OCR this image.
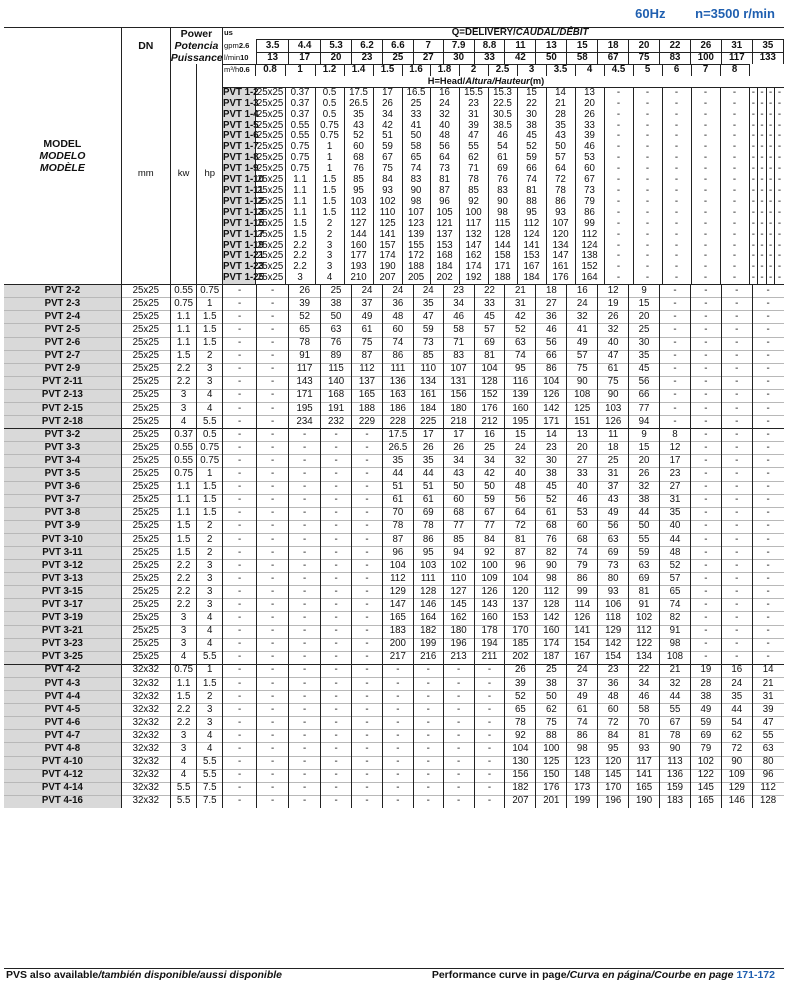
60Hz n=3500 r/min
MODEL
MODELO
MODÈLE
	DN	
Power
Potencia
Puissance
	us	Q=DELIVERY/CAUDAL/DÉBIT
gpm2.6	3.5	4.4	5.3	6.2	6.6	7	7.9	8.8	11	13	15	18	20	22	26	31	35
l/min10	13	17	20	23	25	27	30	33	42	50	58	67	75	83	100	117	133
mm	kw	hp	
m³/h0.6	0.8	1	1.2	1.4	1.5	1.6	1.8	2	2.5	3	3.5	4	4.5	5	6	7	8
H=Head/Altura/Hauteur(m)
PVT 1-2	25x25	0.37	0.5	17.5	17	16.5	16	15.5	15.3	15	14	13	-	-	-	-	-	-	-	-	-
PVT 1-3	25x25	0.37	0.5	26.5	26	25	24	23	22.5	22	21	20	-	-	-	-	-	-	-	-	-
PVT 1-4	25x25	0.37	0.5	35	34	33	32	31	30.5	30	28	26	-	-	-	-	-	-	-	-	-
PVT 1-5	25x25	0.55	0.75	43	42	41	40	39	38.5	38	35	33	-	-	-	-	-	-	-	-	-
PVT 1-6	25x25	0.55	0.75	52	51	50	48	47	46	45	43	39	-	-	-	-	-	-	-	-	-
PVT 1-7	25x25	0.75	1	60	59	58	56	55	54	52	50	46	-	-	-	-	-	-	-	-	-
PVT 1-8	25x25	0.75	1	68	67	65	64	62	61	59	57	53	-	-	-	-	-	-	-	-	-
PVT 1-9	25x25	0.75	1	76	75	74	73	71	69	66	64	60	-	-	-	-	-	-	-	-	-
PVT 1-10	25x25	1.1	1.5	85	84	83	81	78	76	74	72	67	-	-	-	-	-	-	-	-	-
PVT 1-11	25x25	1.1	1.5	95	93	90	87	85	83	81	78	73	-	-	-	-	-	-	-	-	-
PVT 1-12	25x25	1.1	1.5	103	102	98	96	92	90	88	86	79	-	-	-	-	-	-	-	-	-
PVT 1-13	25x25	1.1	1.5	112	110	107	105	100	98	95	93	86	-	-	-	-	-	-	-	-	-
PVT 1-15	25x25	1.5	2	127	125	123	121	117	115	112	107	99	-	-	-	-	-	-	-	-	-
PVT 1-17	25x25	1.5	2	144	141	139	137	132	128	124	120	112	-	-	-	-	-	-	-	-	-
PVT 1-19	25x25	2.2	3	160	157	155	153	147	144	141	134	124	-	-	-	-	-	-	-	-	-
PVT 1-21	25x25	2.2	3	177	174	172	168	162	158	153	147	138	-	-	-	-	-	-	-	-	-
PVT 1-23	25x25	2.2	3	193	190	188	184	174	171	167	161	152	-	-	-	-	-	-	-	-	-
PVT 1-25	25x25	3	4	210	207	205	202	192	188	184	176	164	-	-	-	-	-	-	-	-	-

PVT 2-2	25x25	0.55	0.75	-	-	26	25	24	24	24	23	22	21	18	16	12	9	-	-	-	-
PVT 2-3	25x25	0.75	1	-	-	39	38	37	36	35	34	33	31	27	24	19	15	-	-	-	-
PVT 2-4	25x25	1.1	1.5	-	-	52	50	49	48	47	46	45	42	36	32	26	20	-	-	-	-
PVT 2-5	25x25	1.1	1.5	-	-	65	63	61	60	59	58	57	52	46	41	32	25	-	-	-	-
PVT 2-6	25x25	1.1	1.5	-	-	78	76	75	74	73	71	69	63	56	49	40	30	-	-	-	-
PVT 2-7	25x25	1.5	2	-	-	91	89	87	86	85	83	81	74	66	57	47	35	-	-	-	-
PVT 2-9	25x25	2.2	3	-	-	117	115	112	111	110	107	104	95	86	75	61	45	-	-	-	-
PVT 2-11	25x25	2.2	3	-	-	143	140	137	136	134	131	128	116	104	90	75	56	-	-	-	-
PVT 2-13	25x25	3	4	-	-	171	168	165	163	161	156	152	139	126	108	90	66	-	-	-	-
PVT 2-15	25x25	3	4	-	-	195	191	188	186	184	180	176	160	142	125	103	77	-	-	-	-
PVT 2-18	25x25	4	5.5	-	-	234	232	229	228	225	218	212	195	171	151	126	94	-	-	-	-
PVT 3-2	25x25	0.37	0.5	-	-	-	-	-	17.5	17	17	16	15	14	13	11	9	8	-	-	-
PVT 3-3	25x25	0.55	0.75	-	-	-	-	-	26.5	26	26	25	24	23	20	18	15	12	-	-	-
PVT 3-4	25x25	0.55	0.75	-	-	-	-	-	35	35	34	34	32	30	27	25	20	17	-	-	-
PVT 3-5	25x25	0.75	1	-	-	-	-	-	44	44	43	42	40	38	33	31	26	23	-	-	-
PVT 3-6	25x25	1.1	1.5	-	-	-	-	-	51	51	50	50	48	45	40	37	32	27	-	-	-
PVT 3-7	25x25	1.1	1.5	-	-	-	-	-	61	61	60	59	56	52	46	43	38	31	-	-	-
PVT 3-8	25x25	1.1	1.5	-	-	-	-	-	70	69	68	67	64	61	53	49	44	35	-	-	-
PVT 3-9	25x25	1.5	2	-	-	-	-	-	78	78	77	77	72	68	60	56	50	40	-	-	-
PVT 3-10	25x25	1.5	2	-	-	-	-	-	87	86	85	84	81	76	68	63	55	44	-	-	-
PVT 3-11	25x25	1.5	2	-	-	-	-	-	96	95	94	92	87	82	74	69	59	48	-	-	-
PVT 3-12	25x25	2.2	3	-	-	-	-	-	104	103	102	100	96	90	79	73	63	52	-	-	-
PVT 3-13	25x25	2.2	3	-	-	-	-	-	112	111	110	109	104	98	86	80	69	57	-	-	-
PVT 3-15	25x25	2.2	3	-	-	-	-	-	129	128	127	126	120	112	99	93	81	65	-	-	-
PVT 3-17	25x25	2.2	3	-	-	-	-	-	147	146	145	143	137	128	114	106	91	74	-	-	-
PVT 3-19	25x25	3	4	-	-	-	-	-	165	164	162	160	153	142	126	118	102	82	-	-	-
PVT 3-21	25x25	3	4	-	-	-	-	-	183	182	180	178	170	160	141	129	112	91	-	-	-
PVT 3-23	25x25	3	4	-	-	-	-	-	200	199	196	194	185	174	154	142	122	98	-	-	-
PVT 3-25	25x25	4	5.5	-	-	-	-	-	217	216	213	211	202	187	167	154	134	108	-	-	-
PVT 4-2	32x32	0.75	1	-	-	-	-	-	-	-	-	-	26	25	24	23	22	21	19	16	14
PVT 4-3	32x32	1.1	1.5	-	-	-	-	-	-	-	-	-	39	38	37	36	34	32	28	24	21
PVT 4-4	32x32	1.5	2	-	-	-	-	-	-	-	-	-	52	50	49	48	46	44	38	35	31
PVT 4-5	32x32	2.2	3	-	-	-	-	-	-	-	-	-	65	62	61	60	58	55	49	44	39
PVT 4-6	32x32	2.2	3	-	-	-	-	-	-	-	-	-	78	75	74	72	70	67	59	54	47
PVT 4-7	32x32	3	4	-	-	-	-	-	-	-	-	-	92	88	86	84	81	78	69	62	55
PVT 4-8	32x32	3	4	-	-	-	-	-	-	-	-	-	104	100	98	95	93	90	79	72	63
PVT 4-10	32x32	4	5.5	-	-	-	-	-	-	-	-	-	130	125	123	120	117	113	102	90	80
PVT 4-12	32x32	4	5.5	-	-	-	-	-	-	-	-	-	156	150	148	145	141	136	122	109	96
PVT 4-14	32x32	5.5	7.5	-	-	-	-	-	-	-	-	-	182	176	173	170	165	159	145	129	112
PVT 4-16	32x32	5.5	7.5	-	-	-	-	-	-	-	-	-	207	201	199	196	190	183	165	146	128
PVS also available/también disponible/aussi disponible	Performance curve in page/Curva en página/Courbe en page 171-172
